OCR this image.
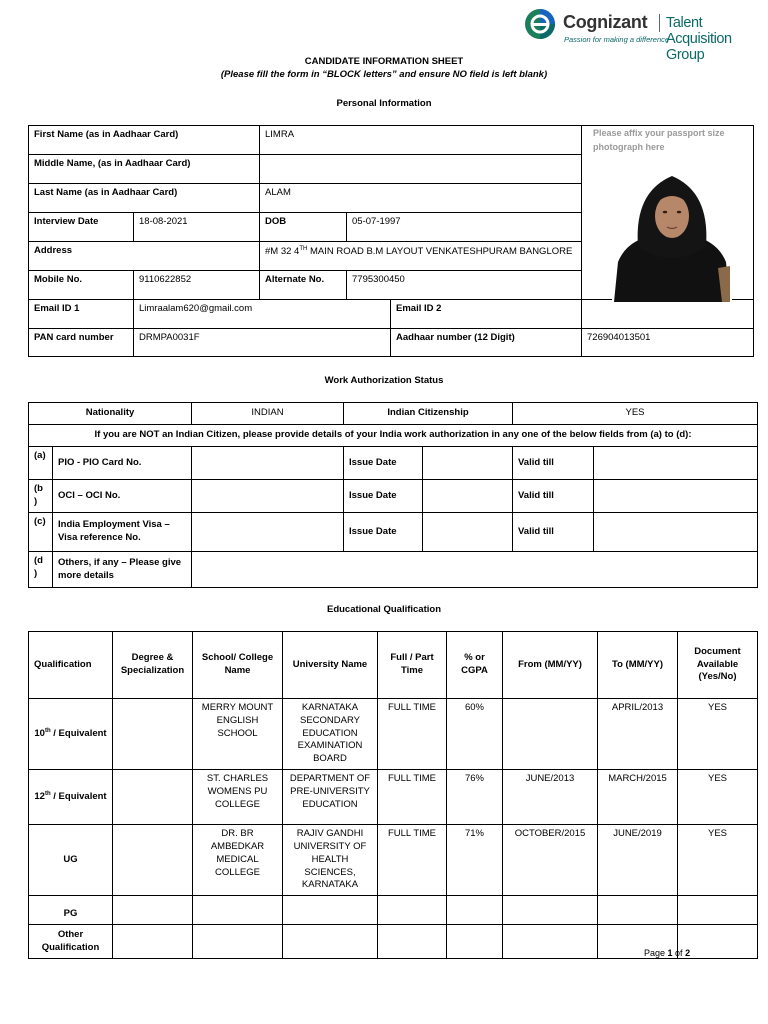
Cognizant Talent Acquisition Group
Passion for making a difference
CANDIDATE INFORMATION SHEET
(Please fill the form in “BLOCK letters” and ensure NO field is left blank)
Personal Information
First Name (as in Aadhaar Card)		LIMRA			
Middle Name, (as in Aadhaar Card)					
Last Name (as in Aadhaar Card)		ALAM			
Interview Date	18-08-2021	DOB	05-07-1997		
Address		#M 32 4TH MAIN ROAD B.M LAYOUT VENKATESHPURAM BANGLORE			
Mobile No.	9110622852	Alternate No.	7795300450		
Email ID 1	Limraalam620@gmail.com			Email ID 2	
PAN card number	DRMPA0031F			Aadhaar number (12 Digit)	726904013501
Please affix your passport size photograph here
Work Authorization Status
Nationality		INDIAN	Indian Citizenship		YES	
If you are NOT an Indian Citizen, please provide details of your India work authorization in any one of the below fields from (a) to (d):						
(a)	PIO - PIO Card No.		Issue Date		Valid till	
(b )	OCI – OCI No.		Issue Date		Valid till	
(c)	India Employment Visa – Visa reference No.		Issue Date		Valid till	
(d )	Others, if any – Please give more details					
Educational Qualification
Qualification	Degree & Specialization	School/ College Name	University Name	Full / Part Time	% or CGPA	From (MM/YY)	To (MM/YY)	Document Available (Yes/No)
10th / Equivalent		MERRY MOUNT ENGLISH SCHOOL	KARNATAKA SECONDARY EDUCATION EXAMINATION BOARD	FULL TIME	60%		APRIL/2013	YES
12th / Equivalent		ST. CHARLES WOMENS PU COLLEGE	DEPARTMENT OF PRE-UNIVERSITY EDUCATION	FULL TIME	76%	JUNE/2013	MARCH/2015	YES
UG		DR. BR AMBEDKAR MEDICAL COLLEGE	RAJIV GANDHI UNIVERSITY OF HEALTH SCIENCES, KARNATAKA	FULL TIME	71%	OCTOBER/2015	JUNE/2019	YES
PG								
Other Qualification								
Page 1 of 2
